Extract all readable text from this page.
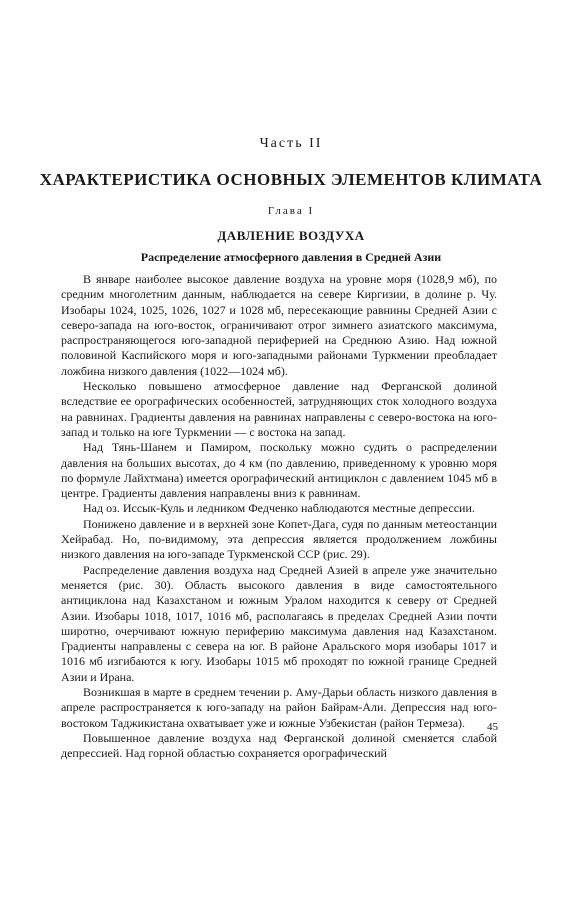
Часть II
ХАРАКТЕРИСТИКА ОСНОВНЫХ ЭЛЕМЕНТОВ КЛИМАТА
Глава I
ДАВЛЕНИЕ ВОЗДУХА
Распределение атмосферного давления в Средней Азии

В январе наиболее высокое давление воздуха на уровне моря (1028,9 мб), по средним многолетним данным, наблюдается на севере Киргизии, в долине р. Чу. Изобары 1024, 1025, 1026, 1027 и 1028 мб, пересекающие равнины Средней Азии с северо-запада на юго-восток, ограничивают отрог зимнего азиатского максимума, распространяющегося юго-западной периферией на Среднюю Азию. Над южной половиной Каспийского моря и юго-западными районами Туркмении преобладает ложбина низкого давления (1022—1024 мб).

Несколько повышено атмосферное давление над Ферганской долиной вследствие ее орографических особенностей, затрудняющих сток холодного воздуха на равнинах. Градиенты давления на равнинах направлены с северо-востока на юго-запад и только на юге Туркмении — с востока на запад.

Над Тянь-Шанем и Памиром, поскольку можно судить о распределении давления на больших высотах, до 4 км (по давлению, приведенному к уровню моря по формуле Лайхтмана) имеется орографический антициклон с давлением 1045 мб в центре. Градиенты давления направлены вниз к равнинам.

Над оз. Иссык-Куль и ледником Федченко наблюдаются местные депрессии.

Понижено давление и в верхней зоне Копет-Дага, судя по данным метеостанции Хейрабад. Но, по-видимому, эта депрессия является продолжением ложбины низкого давления на юго-западе Туркменской ССР (рис. 29).

Распределение давления воздуха над Средней Азией в апреле уже значительно меняется (рис. 30). Область высокого давления в виде самостоятельного антициклона над Казахстаном и южным Уралом находится к северу от Средней Азии. Изобары 1018, 1017, 1016 мб, располагаясь в пределах Средней Азии почти широтно, очерчивают южную периферию максимума давления над Казахстаном. Градиенты направлены с севера на юг. В районе Аральского моря изобары 1017 и 1016 мб изгибаются к югу. Изобары 1015 мб проходят по южной границе Средней Азии и Ирана.

Возникшая в марте в среднем течении р. Аму-Дарьи область низкого давления в апреле распространяется к юго-западу на район Байрам-Али. Депрессия над юго-востоком Таджикистана охватывает уже и южные Узбекистан (район Термеза).

Повышенное давление воздуха над Ферганской долиной сменяется слабой депрессией. Над горной областью сохраняется орографический

45
